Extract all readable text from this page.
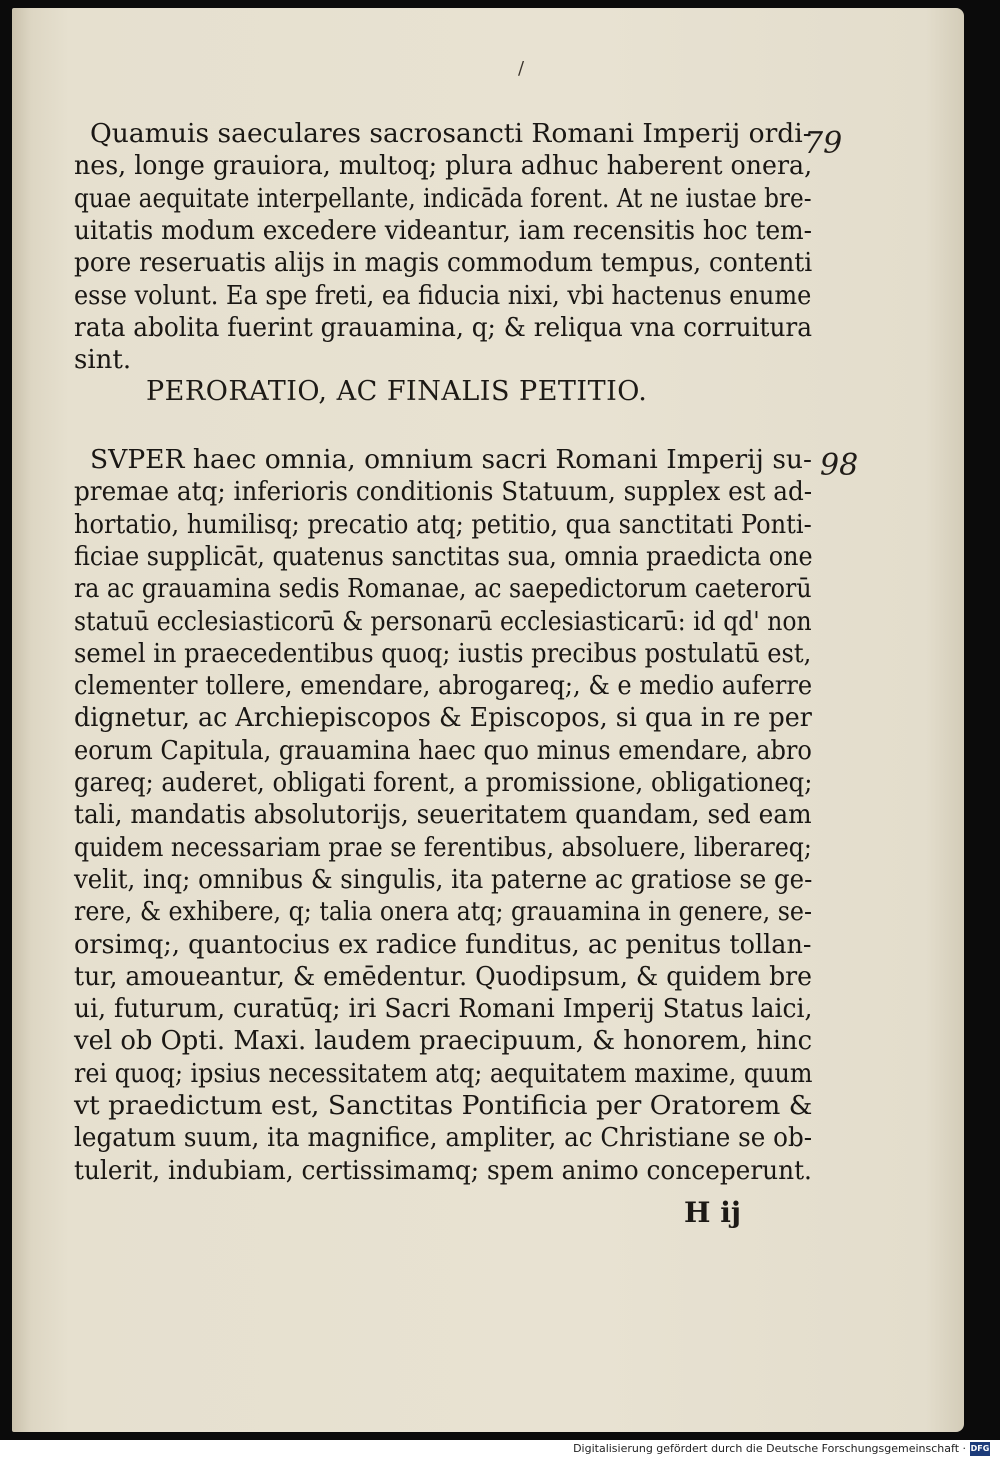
/
79
98
Quamuis saeculares sacrosancti Romani Imperij ordi-
nes, longe grauiora, multoq; plura adhuc haberent onera,
quae aequitate interpellante, indicāda forent. At ne iustae bre-
uitatis modum excedere videantur, iam recensitis hoc tem-
pore reseruatis alijs in magis commodum tempus, contenti
esse volunt. Ea spe freti, ea fiducia nixi, vbi hactenus enume
rata abolita fuerint grauamina, q; & reliqua vna corruitura
sint.
PERORATIO, AC FINALIS PETITIO.
SVPER haec omnia, omnium sacri Romani Imperij su-
premae atq; inferioris conditionis Statuum, supplex est ad-
hortatio, humilisq; precatio atq; petitio, qua sanctitati Ponti-
ficiae supplicāt, quatenus sanctitas sua, omnia praedicta one
ra ac grauamina sedis Romanae, ac saepedictorum caeterorū
statuū ecclesiasticorū & personarū ecclesiasticarū: id qd' non
semel in praecedentibus quoq; iustis precibus postulatū est,
clementer tollere, emendare, abrogareq;, & e medio auferre
dignetur, ac Archiepiscopos & Episcopos, si qua in re per
eorum Capitula, grauamina haec quo minus emendare, abro
gareq; auderet, obligati forent, a promissione, obligationeq;
tali, mandatis absolutorijs, seueritatem quandam, sed eam
quidem necessariam prae se ferentibus, absoluere, liberareq;
velit, inq; omnibus & singulis, ita paterne ac gratiose se ge-
rere, & exhibere, q; talia onera atq; grauamina in genere, se-
orsimq;, quantocius ex radice funditus, ac penitus tollan-
tur, amoueantur, & emēdentur. Quodipsum, & quidem bre
ui, futurum, curatūq; iri Sacri Romani Imperij Status laici,
vel ob Opti. Maxi. laudem praecipuum, & honorem, hinc
rei quoq; ipsius necessitatem atq; aequitatem maxime, quum
vt praedictum est, Sanctitas Pontificia per Oratorem &
legatum suum, ita magnifice, ampliter, ac Christiane se ob-
tulerit, indubiam, certissimamq; spem animo conceperunt.
H ij
Digitalisierung gefördert durch die Deutsche Forschungsgemeinschaft · DFG
